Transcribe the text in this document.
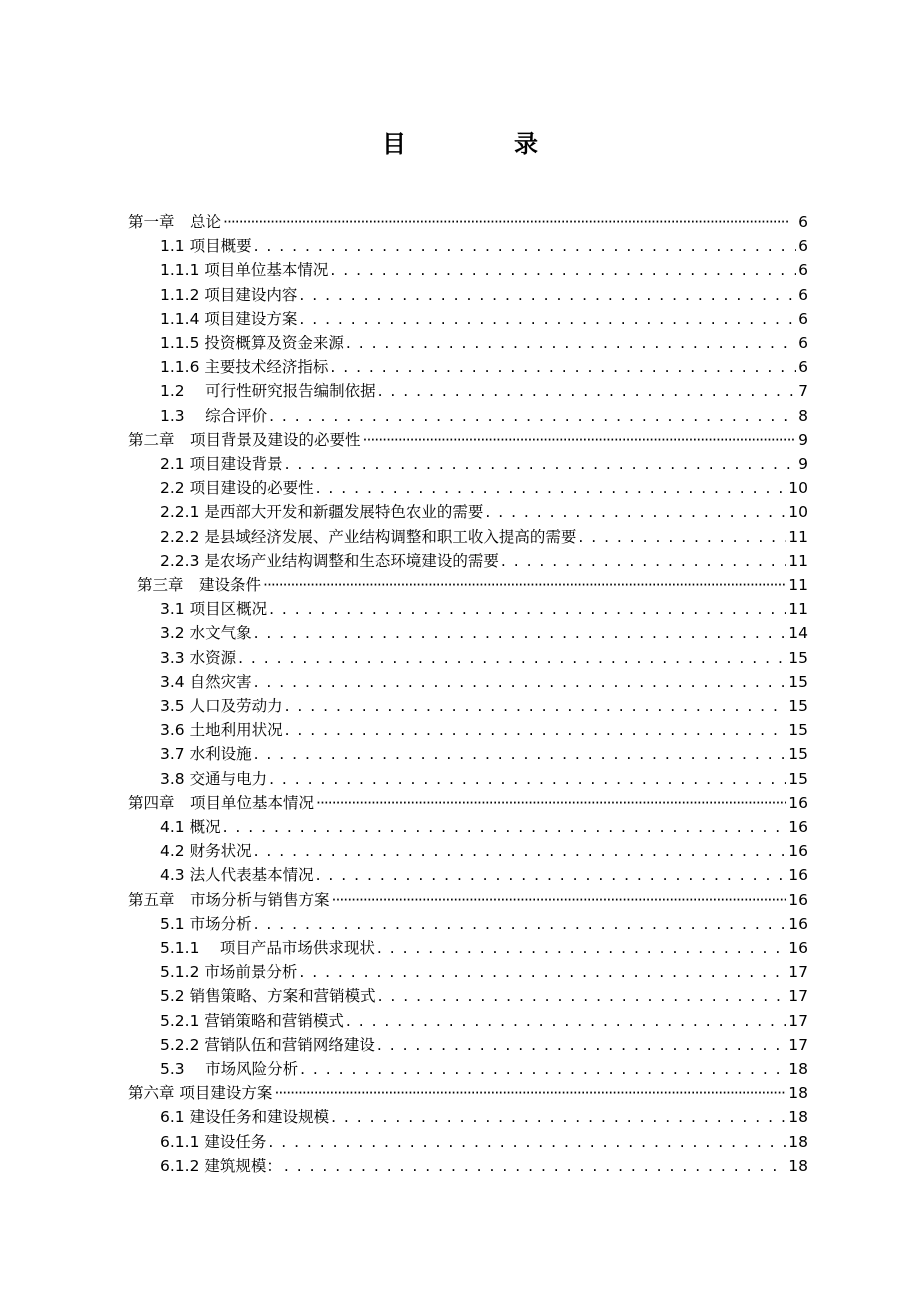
目　录
第一章　总论 ·····	6
1.1 项目概要 . . .	6
1.1.1 项目单位基本情况 . . .	6
1.1.2 项目建设内容 . . .	6
1.1.4 项目建设方案 . . .	6
1.1.5 投资概算及资金来源 . . .	6
1.1.6 主要技术经济指标 . . .	6
1.2　 可行性研究报告编制依据 . . .	7
1.3　 综合评价 . . .	8
第二章　项目背景及建设的必要性 ·····	9
2.1 项目建设背景 . . .	9
2.2 项目建设的必要性 . . .	10
2.2.1 是西部大开发和新疆发展特色农业的需要 . . .	10
2.2.2 是县域经济发展、产业结构调整和职工收入提高的需要 . . .	11
2.2.3 是农场产业结构调整和生态环境建设的需要 . . .	11
第三章　建设条件 ·····	11
3.1 项目区概况 . . .	11
3.2 水文气象 . . .	14
3.3 水资源 . . .	15
3.4 自然灾害 . . .	15
3.5 人口及劳动力 . . .	15
3.6 土地利用状况 . . .	15
3.7 水利设施 . . .	15
3.8 交通与电力 . . .	15
第四章　项目单位基本情况 ·····	16
4.1 概况 . . .	16
4.2 财务状况 . . .	16
4.3 法人代表基本情况 . . .	16
第五章　市场分析与销售方案 ·····	16
5.1 市场分析 . . .	16
5.1.1　 项目产品市场供求现状 . . .	16
5.1.2 市场前景分析 . . .	17
5.2 销售策略、方案和营销模式 . . .	17
5.2.1 营销策略和营销模式 . . .	17
5.2.2 营销队伍和营销网络建设 . . .	17
5.3　 市场风险分析 . . .	18
第六章 项目建设方案 ·····	18
6.1 建设任务和建设规模 . . .	18
6.1.1 建设任务 . . .	18
6.1.2 建筑规模： . . .	18
